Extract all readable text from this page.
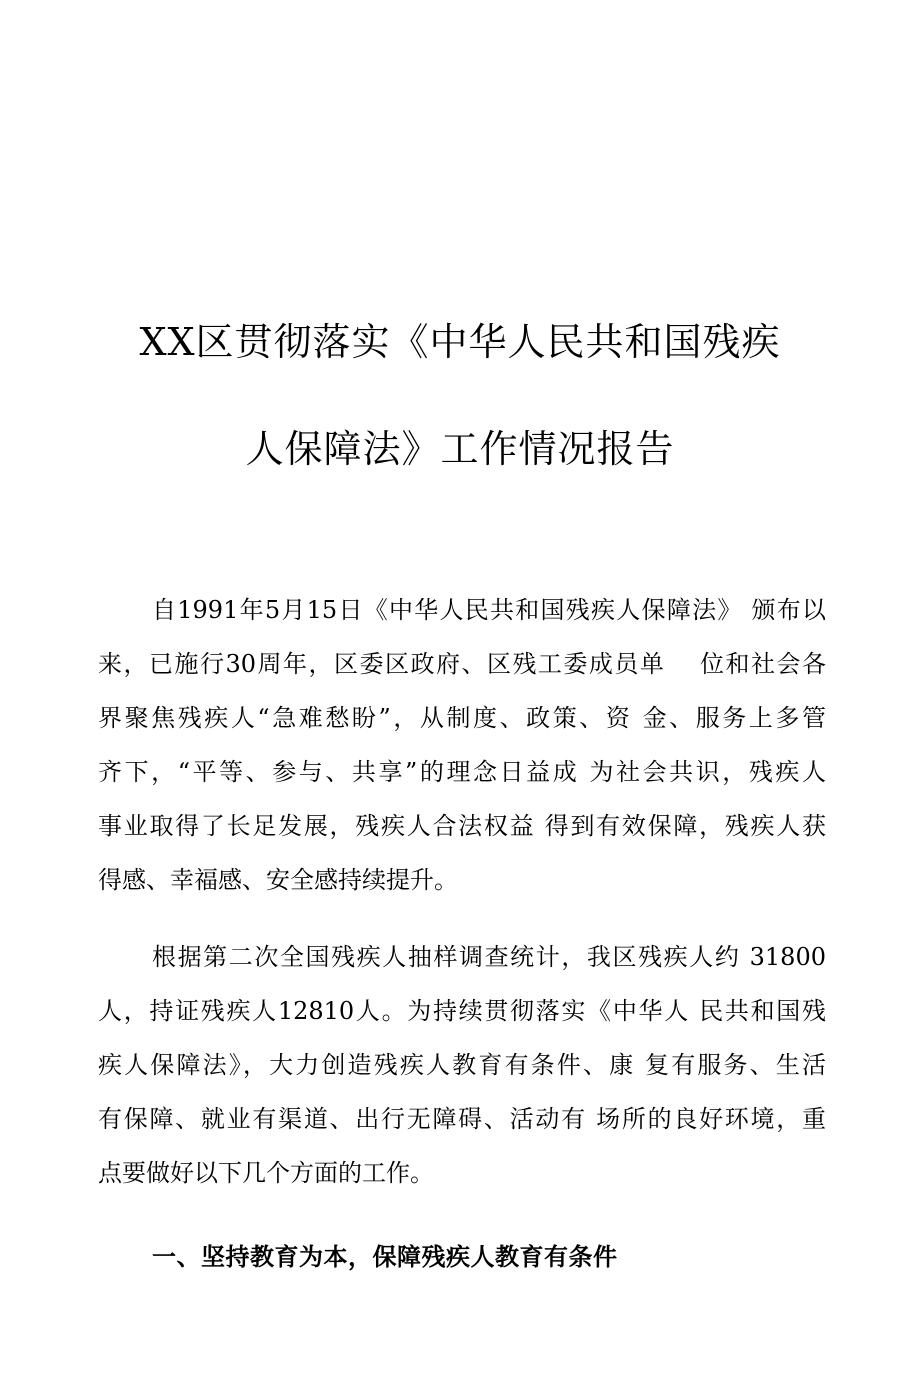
XX区贯彻落实《中华人民共和国残疾
人保障法》工作情况报告
自1991年5月15日《中华人民共和国残疾人保障法》 颁布以
来，已施行30周年，区委区政府、区残工委成员单　 位和社会各
界聚焦残疾人“急难愁盼”，从制度、政策、资 金、服务上多管
齐下，“平等、参与、共享”的理念日益成 为社会共识，残疾人
事业取得了长足发展，残疾人合法权益 得到有效保障，残疾人获
得感、幸福感、安全感持续提升。
根据第二次全国残疾人抽样调查统计，我区残疾人约 31800
人，持证残疾人12810人。为持续贯彻落实《中华人 民共和国残
疾人保障法》，大力创造残疾人教育有条件、康 复有服务、生活
有保障、就业有渠道、出行无障碍、活动有 场所的良好环境，重
点要做好以下几个方面的工作。
一、坚持教育为本，保障残疾人教育有条件
